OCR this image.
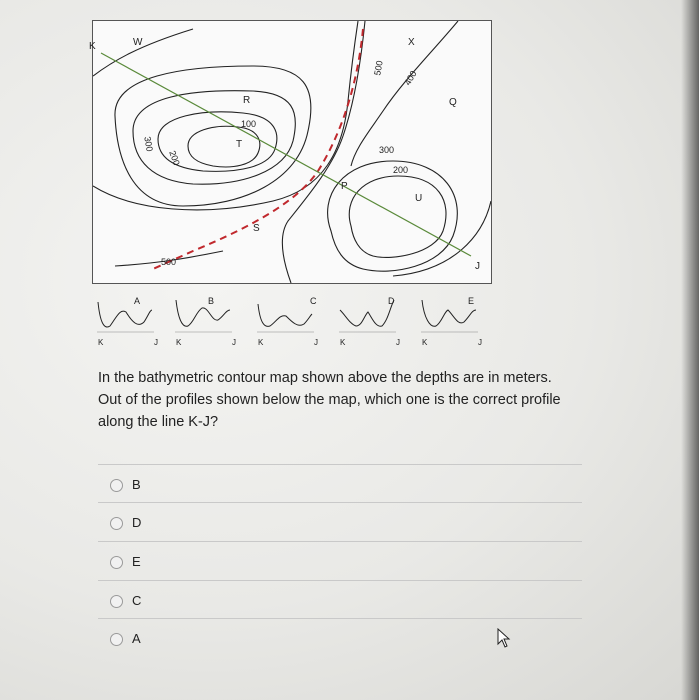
K	W	X
R	Q
T
P
U
J
S
100
200
300
500
400
300
200
500
A
K	J
B
K	J
C
K	J
D
K	J
E
K	J
In the bathymetric contour map shown above the depths are in meters. Out of the profiles shown below the map, which one is the correct profile along the line K-J?
B
D
E
C
A
